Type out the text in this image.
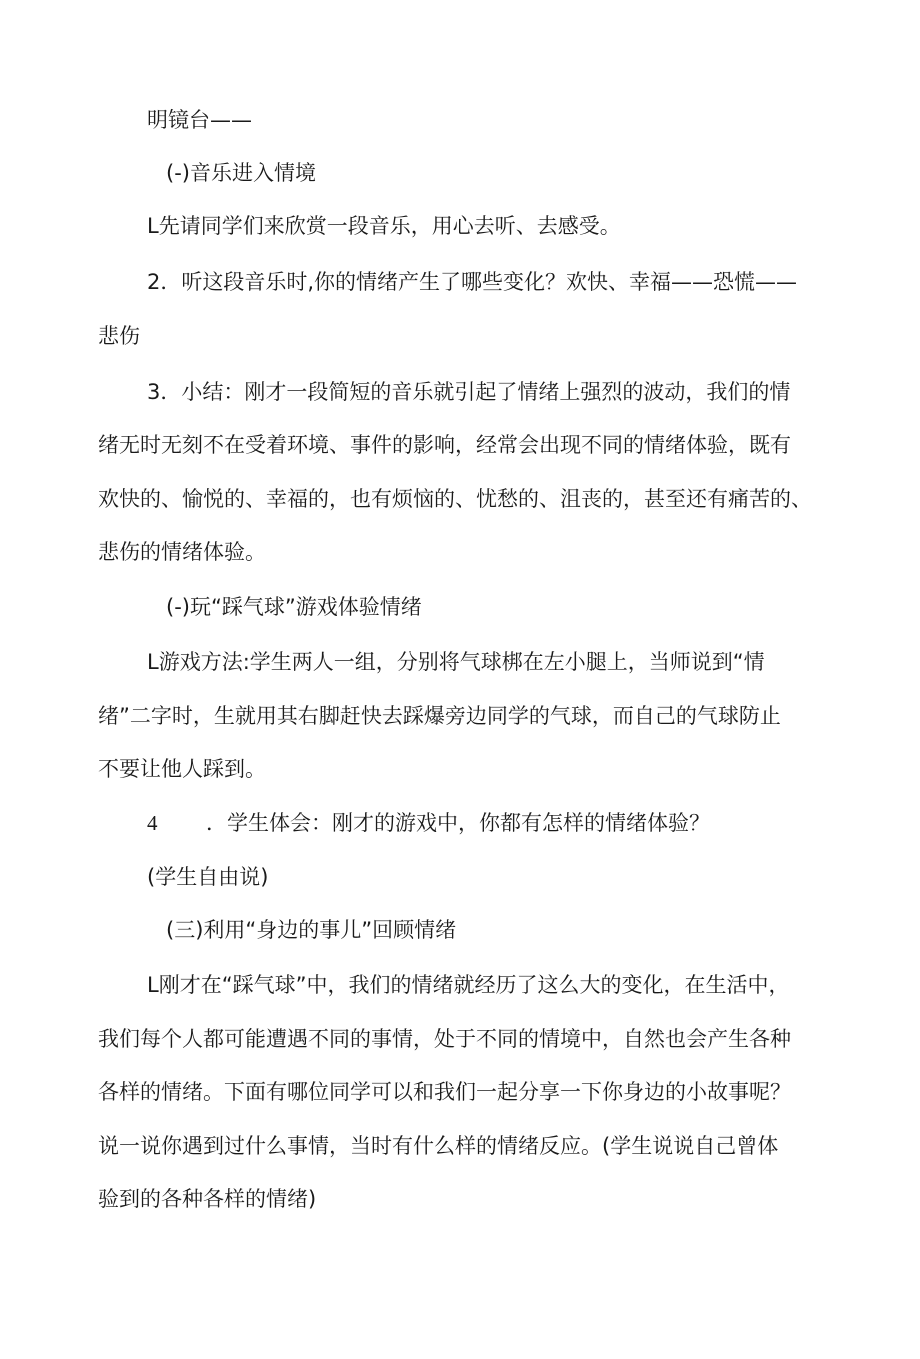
明镜台——

(-)音乐进入情境

L先请同学们来欣赏一段音乐，用心去听、去感受。

2．听这段音乐时,你的情绪产生了哪些变化？欢快、幸福——恐慌——

悲伤

3．小结：刚才一段简短的音乐就引起了情绪上强烈的波动，我们的情

绪无时无刻不在受着环境、事件的影响，经常会出现不同的情绪体验，既有

欢快的、愉悦的、幸福的，也有烦恼的、忧愁的、沮丧的，甚至还有痛苦的、

悲伤的情绪体验。

(-)玩“踩气球”游戏体验情绪

L游戏方法:学生两人一组，分别将气球梆在左小腿上，当师说到“情

绪”二字时，生就用其右脚赶快去踩爆旁边同学的气球，而自己的气球防止

不要让他人踩到。

4 ．学生体会：刚才的游戏中，你都有怎样的情绪体验？

(学生自由说)

(三)利用“身边的事儿”回顾情绪

L刚才在“踩气球”中，我们的情绪就经历了这么大的变化，在生活中，

我们每个人都可能遭遇不同的事情，处于不同的情境中，自然也会产生各种

各样的情绪。下面有哪位同学可以和我们一起分享一下你身边的小故事呢？

说一说你遇到过什么事情，当时有什么样的情绪反应。(学生说说自己曾体

验到的各种各样的情绪)
